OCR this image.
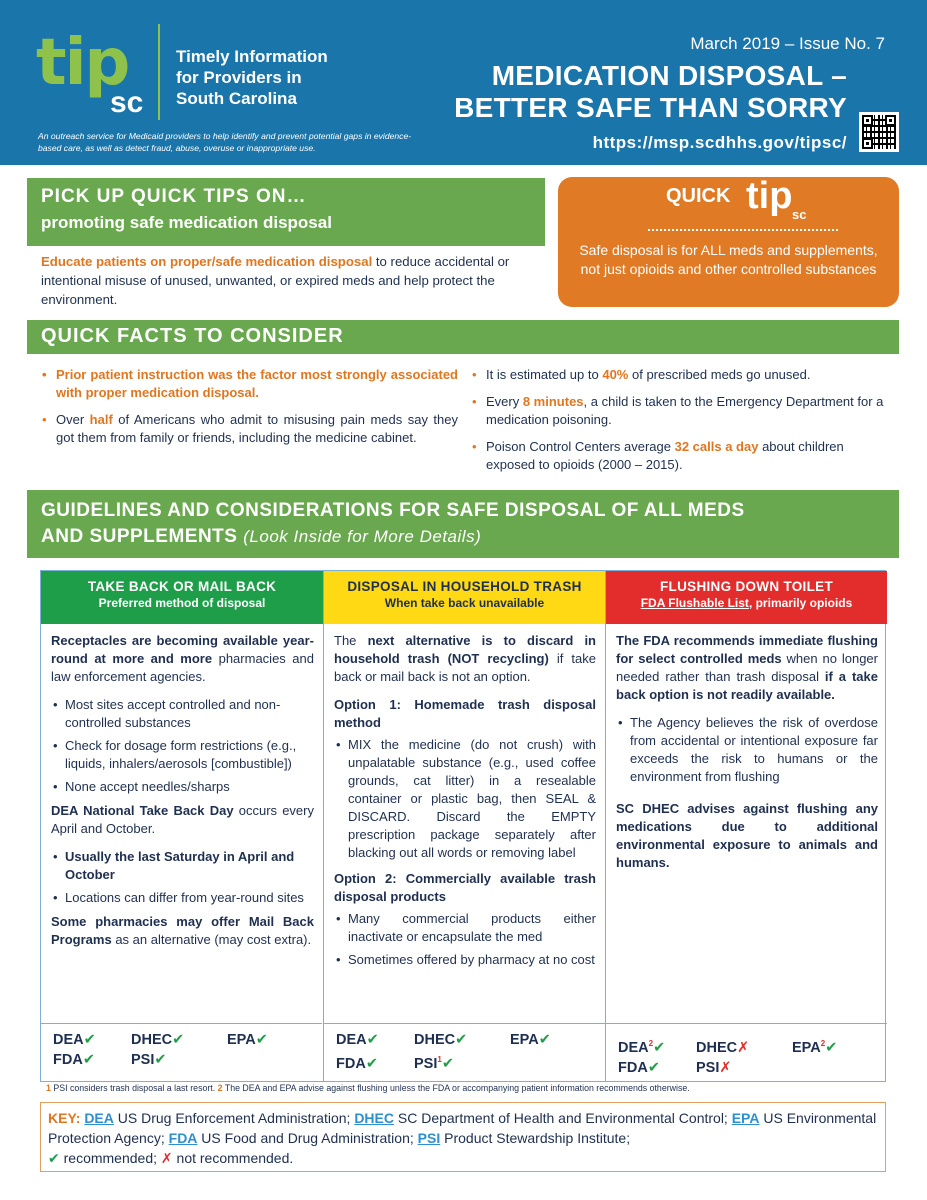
tip
sc
Timely Information
for Providers in
South Carolina
An outreach service for Medicaid providers to help identify and prevent potential gaps in evidence-based care, as well as detect fraud, abuse, overuse or inappropriate use.
March 2019 – Issue No. 7
MEDICATION DISPOSAL –
BETTER SAFE THAN SORRY
https://msp.scdhhs.gov/tipsc/
PICK UP QUICK TIPS ON…
promoting safe medication disposal
Educate patients on proper/safe medication disposal to reduce accidental or intentional misuse of unused, unwanted, or expired meds and help protect the environment.
QUICK tip sc
Safe disposal is for ALL meds and supplements, not just opioids and other controlled substances
QUICK FACTS TO CONSIDER
• Prior patient instruction was the factor most strongly associated with proper medication disposal.
• Over half of Americans who admit to misusing pain meds say they got them from family or friends, including the medicine cabinet.
• It is estimated up to 40% of prescribed meds go unused.
• Every 8 minutes, a child is taken to the Emergency Department for a medication poisoning.
• Poison Control Centers average 32 calls a day about children exposed to opioids (2000 – 2015).
GUIDELINES AND CONSIDERATIONS FOR SAFE DISPOSAL OF ALL MEDS
AND SUPPLEMENTS (Look Inside for More Details)
TAKE BACK OR MAIL BACK
Preferred method of disposal

Receptacles are becoming available year-round at more and more pharmacies and law enforcement agencies.

• Most sites accept controlled and non-controlled substances
• Check for dosage form restrictions (e.g., liquids, inhalers/aerosols [combustible])
• None accept needles/sharps

DEA National Take Back Day occurs every April and October.

• Usually the last Saturday in April and October
• Locations can differ from year-round sites

Some pharmacies may offer Mail Back Programs as an alternative (may cost extra).

DEA✔ DHEC✔	EPA✔
FDA✔ PSI✔
DISPOSAL IN HOUSEHOLD TRASH
When take back unavailable

The next alternative is to discard in household trash (NOT recycling) if take back or mail back is not an option.

Option 1: Homemade trash disposal method

• MIX the medicine (do not crush) with unpalatable substance (e.g., used coffee grounds, cat litter) in a resealable container or plastic bag, then SEAL & DISCARD. Discard the EMPTY prescription package separately after blacking out all words or removing label

Option 2: Commercially available trash disposal products

• Many commercial products either inactivate or encapsulate the med
• Sometimes offered by pharmacy at no cost
DEA✔ DHEC✔	EPA✔
FDA✔ PSI$^1$✔
FLUSHING DOWN TOILET
FDA Flushable List, primarily opioids

The FDA recommends immediate flushing for select controlled meds when no longer needed rather than trash disposal if a take back option is not readily available.

• The Agency believes the risk of overdose from accidental or intentional exposure far exceeds the risk to humans or the environment from flushing

SC DHEC advises against flushing any medications due to additional environmental exposure to animals and humans.

DEA$^2$✔ DHEC✗	EPA$^2$✔
FDA✔ PSI✗
1 PSI considers trash disposal a last resort. 2 The DEA and EPA advise against flushing unless the FDA or accompanying patient information recommends otherwise.
KEY: DEA US Drug Enforcement Administration; DHEC SC Department of Health and Environmental Control; EPA US Environmental Protection Agency; FDA US Food and Drug Administration; PSI Product Stewardship Institute;
✔ recommended; ✗ not recommended.
